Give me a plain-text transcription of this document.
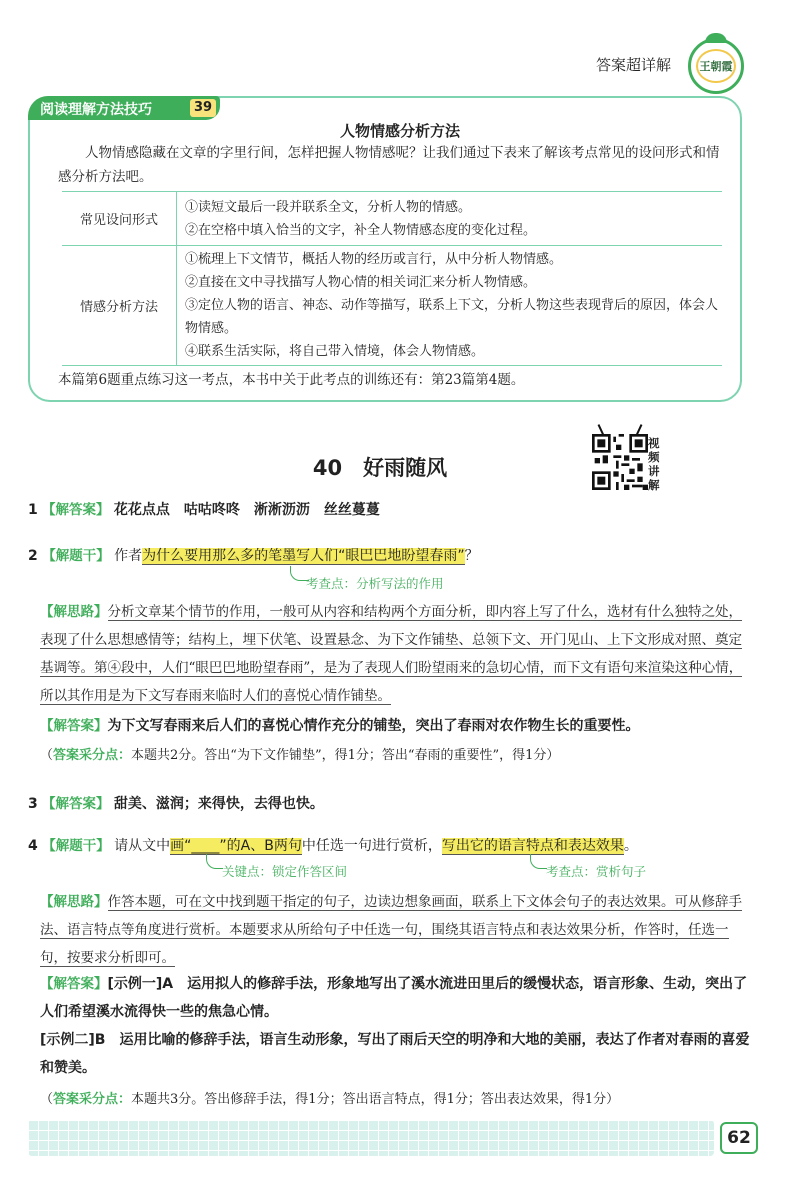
答案超详解	王朝霞
阅读理解方法技巧	39
人物情感分析方法
人物情感隐藏在文章的字里行间，怎样把握人物情感呢？让我们通过下表来了解该考点常见的设问形式和情感分析方法吧。
常见设问形式	①读短文最后一段并联系全文，分析人物的情感。
②在空格中填入恰当的文字，补全人物情感态度的变化过程。

情感分析方法	①梳理上下文情节，概括人物的经历或言行，从中分析人物情感。
②直接在文中寻找描写人物心情的相关词汇来分析人物情感。
③定位人物的语言、神态、动作等描写，联系上下文，分析人物这些表现背后的原因，体会人物情感。
④联系生活实际，将自己带入情境，体会人物情感。
本篇第6题重点练习这一考点，本书中关于此考点的训练还有：第23篇第4题。
40　好雨随风
视频讲解
1 【解答案】 花花点点　咕咕咚咚　淅淅沥沥　丝丝蔓蔓
2 【解题干】 作者为什么要用那么多的笔墨写人们“眼巴巴地盼望春雨”？
考查点：分析写法的作用
【解思路】分析文章某个情节的作用，一般可从内容和结构两个方面分析，即内容上写了什么，选材有什么独特之处，表现了什么思想感情等；结构上，埋下伏笔、设置悬念、为下文作铺垫、总领下文、开门见山、上下文形成对照、奠定基调等。第④段中，人们“眼巴巴地盼望春雨”，是为了表现人们盼望雨来的急切心情，而下文有语句来渲染这种心情，所以其作用是为下文写春雨来临时人们的喜悦心情作铺垫。
【解答案】为下文写春雨来后人们的喜悦心情作充分的铺垫，突出了春雨对农作物生长的重要性。
（答案采分点：本题共2分。答出“为下文作铺垫”，得1分；答出“春雨的重要性”，得1分）
3 【解答案】 甜美、滋润；来得快，去得也快。
4 【解题干】 请从文中画“____”的A、B两句中任选一句进行赏析，写出它的语言特点和表达效果。
关键点：锁定作答区间	考查点：赏析句子
【解思路】作答本题，可在文中找到题干指定的句子，边读边想象画面，联系上下文体会句子的表达效果。可从修辞手法、语言特点等角度进行赏析。本题要求从所给句子中任选一句，围绕其语言特点和表达效果分析，作答时，任选一句，按要求分析即可。
【解答案】[示例一]A　运用拟人的修辞手法，形象地写出了溪水流进田里后的缓慢状态，语言形象、生动，突出了人们希望溪水流得快一些的焦急心情。
[示例二]B　运用比喻的修辞手法，语言生动形象，写出了雨后天空的明净和大地的美丽，表达了作者对春雨的喜爱和赞美。
（答案采分点：本题共3分。答出修辞手法，得1分；答出语言特点，得1分；答出表达效果，得1分）
62
